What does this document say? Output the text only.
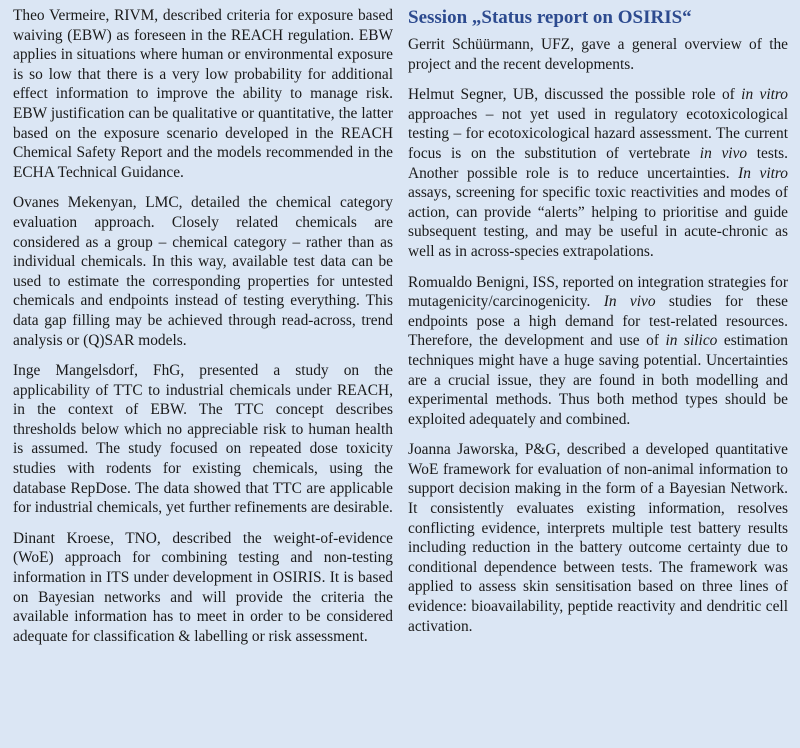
Theo Vermeire, RIVM, described criteria for exposure based waiving (EBW) as foreseen in the REACH regulation. EBW applies in situations where human or environmental exposure is so low that there is a very low probability for additional effect information to improve the ability to manage risk. EBW justification can be qualitative or quantitative, the latter based on the exposure scenario developed in the REACH Chemical Safety Report and the models recommended in the ECHA Technical Guidance.

Ovanes Mekenyan, LMC, detailed the chemical category evaluation approach. Closely related chemicals are considered as a group – chemical category – rather than as individual chemicals. In this way, available test data can be used to estimate the corresponding properties for untested chemicals and endpoints instead of testing everything. This data gap filling may be achieved through read-across, trend analysis or (Q)SAR models.

Inge Mangelsdorf, FhG, presented a study on the applicability of TTC to industrial chemicals under REACH, in the context of EBW. The TTC concept describes thresholds below which no appreciable risk to human health is assumed. The study focused on repeated dose toxicity studies with rodents for existing chemicals, using the database RepDose. The data showed that TTC are applicable for industrial chemicals, yet further refinements are desirable.

Dinant Kroese, TNO, described the weight-of-evidence (WoE) approach for combining testing and non-testing information in ITS under development in OSIRIS. It is based on Bayesian networks and will provide the criteria the available information has to meet in order to be considered adequate for classification & labelling or risk assessment.

Session „Status report on OSIRIS“

Gerrit Schüürmann, UFZ, gave a general overview of the project and the recent developments.

Helmut Segner, UB, discussed the possible role of in vitro approaches – not yet used in regulatory ecotoxicological testing – for ecotoxicological hazard assessment. The current focus is on the substitution of vertebrate in vivo tests. Another possible role is to reduce uncertainties. In vitro assays, screening for specific toxic reactivities and modes of action, can provide “alerts” helping to prioritise and guide subsequent testing, and may be useful in acute-chronic as well as in across-species extrapolations.

Romualdo Benigni, ISS, reported on integration strategies for mutagenicity/carcinogenicity. In vivo studies for these endpoints pose a high demand for test-related resources. Therefore, the development and use of in silico estimation techniques might have a huge saving potential. Uncertainties are a crucial issue, they are found in both modelling and experimental methods. Thus both method types should be exploited adequately and combined.

Joanna Jaworska, P&G, described a developed quantitative WoE framework for evaluation of non-animal information to support decision making in the form of a Bayesian Network. It consistently evaluates existing information, resolves conflicting evidence, interprets multiple test battery results including reduction in the battery outcome certainty due to conditional dependence between tests. The framework was applied to assess skin sensitisation based on three lines of evidence: bioavailability, peptide reactivity and dendritic cell activation.
